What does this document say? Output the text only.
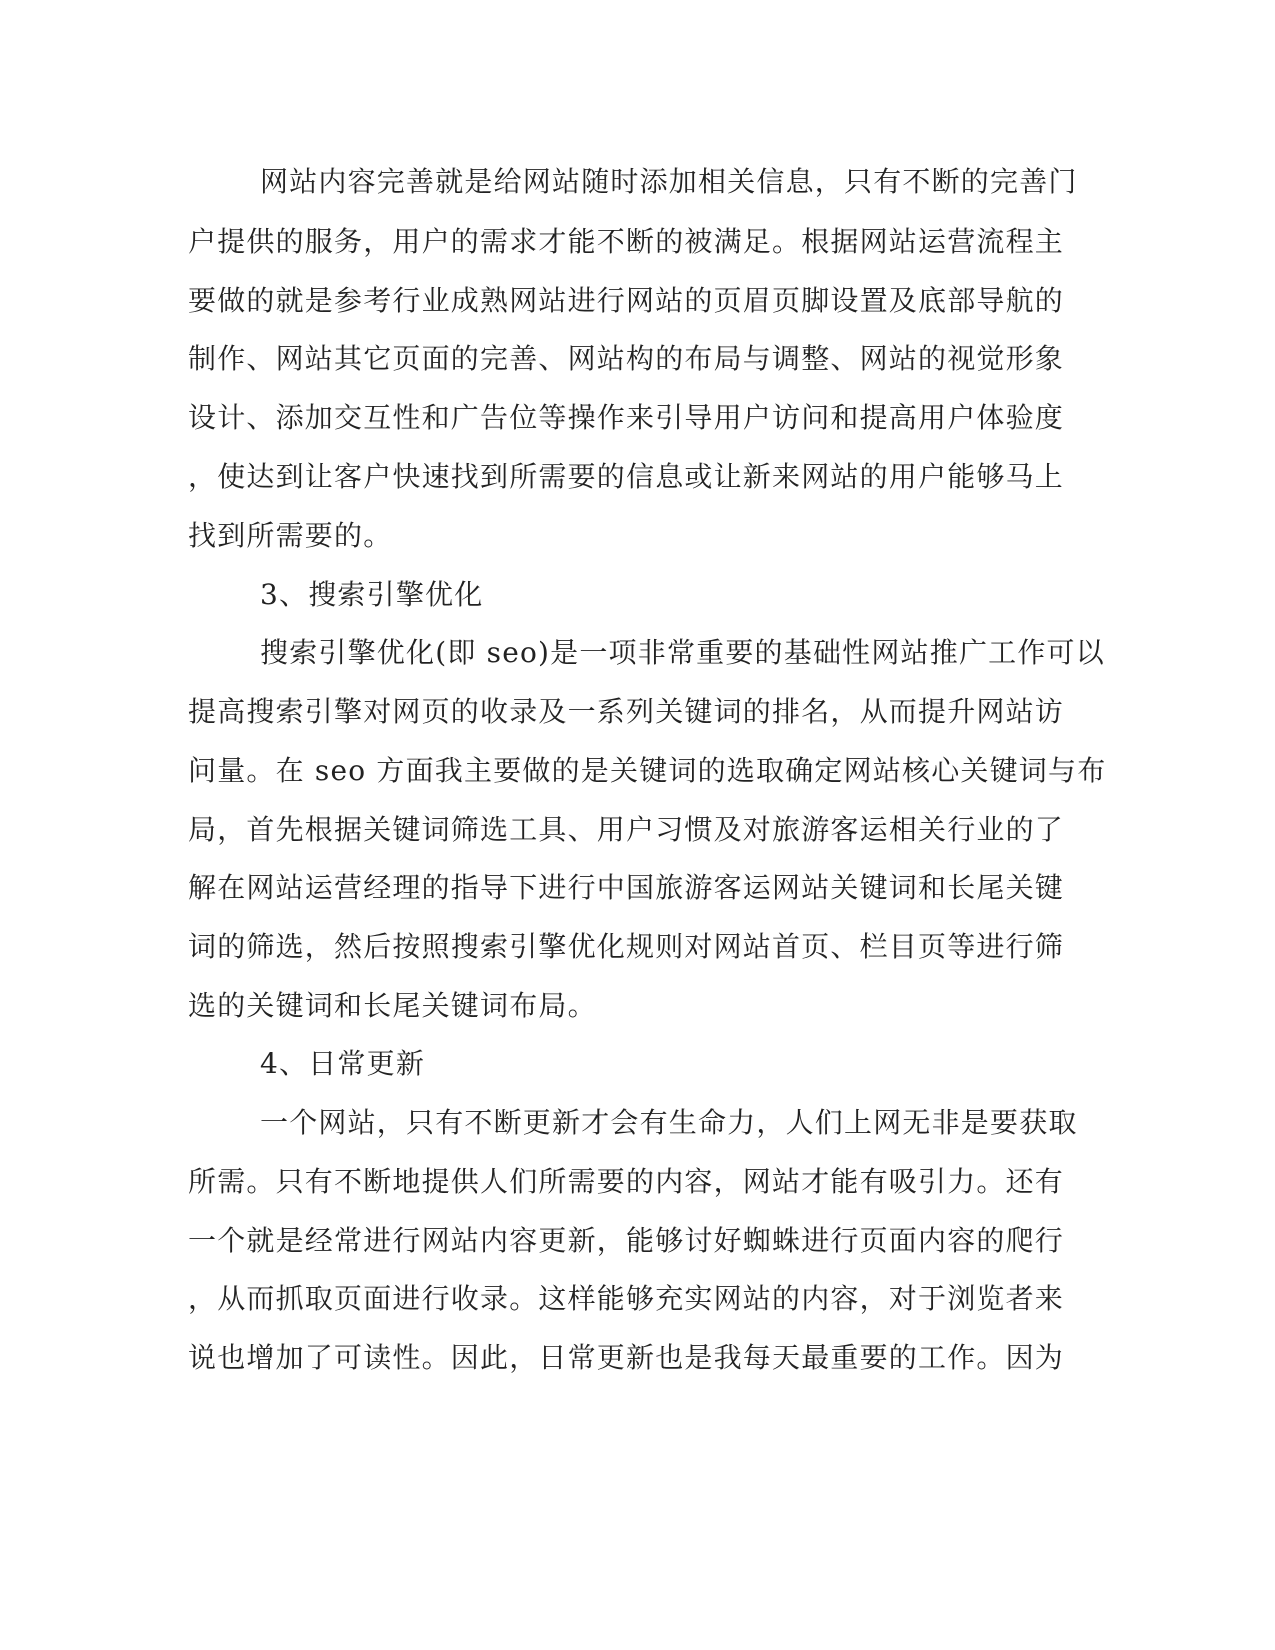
网站内容完善就是给网站随时添加相关信息，只有不断的完善门
户提供的服务，用户的需求才能不断的被满足。根据网站运营流程主
要做的就是参考行业成熟网站进行网站的页眉页脚设置及底部导航的
制作、网站其它页面的完善、网站构的布局与调整、网站的视觉形象
设计、添加交互性和广告位等操作来引导用户访问和提高用户体验度
，使达到让客户快速找到所需要的信息或让新来网站的用户能够马上
找到所需要的。
3、搜索引擎优化
搜索引擎优化(即 seo)是一项非常重要的基础性网站推广工作可以
提高搜索引擎对网页的收录及一系列关键词的排名，从而提升网站访
问量。在 seo 方面我主要做的是关键词的选取确定网站核心关键词与布
局，首先根据关键词筛选工具、用户习惯及对旅游客运相关行业的了
解在网站运营经理的指导下进行中国旅游客运网站关键词和长尾关键
词的筛选，然后按照搜索引擎优化规则对网站首页、栏目页等进行筛
选的关键词和长尾关键词布局。
4、日常更新
一个网站，只有不断更新才会有生命力，人们上网无非是要获取
所需。只有不断地提供人们所需要的内容，网站才能有吸引力。还有
一个就是经常进行网站内容更新，能够讨好蜘蛛进行页面内容的爬行
，从而抓取页面进行收录。这样能够充实网站的内容，对于浏览者来
说也增加了可读性。因此，日常更新也是我每天最重要的工作。因为
